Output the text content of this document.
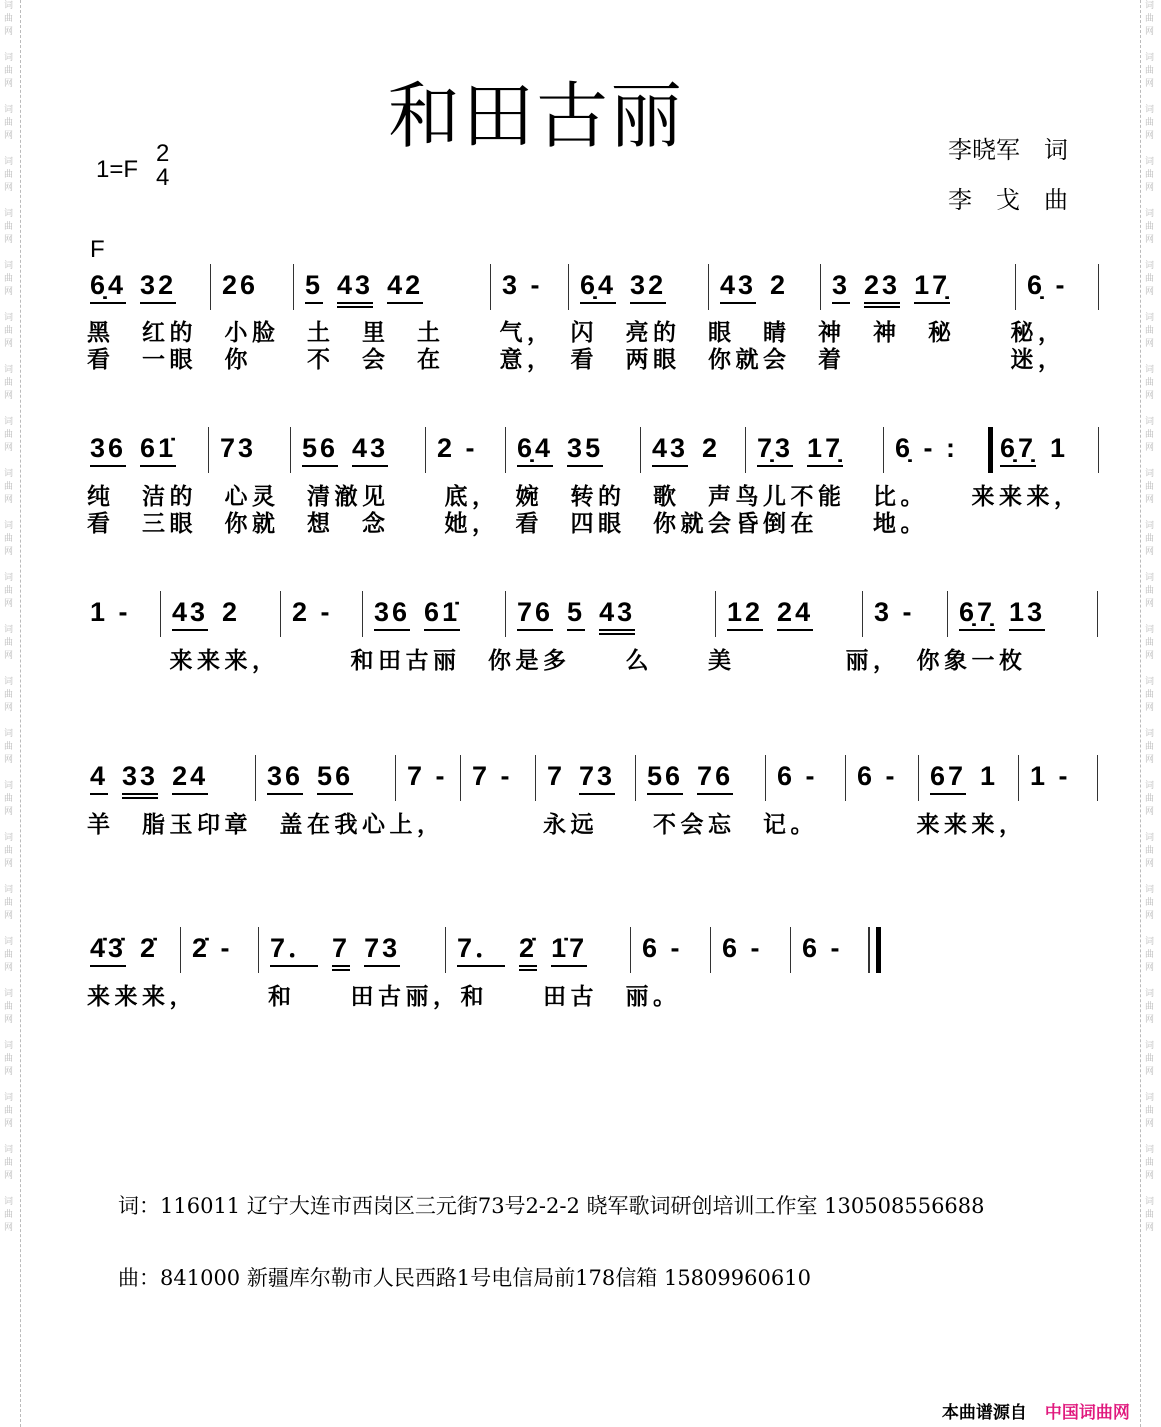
词
曲
网

词
曲
网

词
曲
网

词
曲
网

词
曲
网

词
曲
网

词
曲
网

词
曲
网

词
曲
网

词
曲
网

词
曲
网

词
曲
网

词
曲
网

词
曲
网

词
曲
网

词
曲
网

词
曲
网

词
曲
网

词
曲
网

词
曲
网

词
曲
网

词
曲
网

词
曲
网

词
曲
网

词
曲
网

词
曲
网

词
曲
网

词
曲
网

词
曲
网

词
曲
网

词
曲
网

词
曲
网

词
曲
网

词
曲
网

词
曲
网

词
曲
网

词
曲
网

词
曲
网

词
曲
网

词
曲
网

词
曲
网

词
曲
网

词
曲
网

词
曲
网

词
曲
网

词
曲
网

词
曲
网

词
曲
网

和田古丽
1=F
2
4
李晓军　词
李　戈　曲
F
6̣4 32 26 5 43 42	3 - 6̣4 32 43 2 3 23 17̣	6̣ -
黑　红的　小脸　土　里　土　　气，　闪　亮的　眼　睛　神　神　秘　　秘，
看　一眼　你　　不　会　在　　意，　看　两眼　你就会　着　　　　　　迷，
36 61̇ 73 56 43 2 - 6̣4 35 43 2 7̣3 17̣ 6̣ - : 6̣7̣ 1
纯　洁的　心灵　清澈见　　底，　婉　转的　歌　声鸟儿不能　比。　　来来来，
看　三眼　你就　想　念　　她，　看　四眼　你就会昏倒在　　地。
1 - 43 2 2 - 36 61̇ 76 5 43	12 24 3 - 6̣7̣ 13
　　　来来来，　　　和田古丽　你是多　　么　　美　　　　丽，　你象一枚
4 33 24 36 56 7 - 7 - 7 73 56 76 6 - 6 - 67 1 1 -
羊　脂玉印章　盖在我心上，　　　　永远　　不会忘　记。　　　　来来来，
4̇3̇ 2̇ 2̇ - 7． 7 73 7． 2̇ 1̇7 6 - 6 - 6 -
来来来，　　　和　　田古丽，和　　田古　丽。
词：116011 辽宁大连市西岗区三元街73号2-2-2 晓军歌词研创培训工作室 130508556688
曲：841000 新疆库尔勒市人民西路1号电信局前178信箱 15809960610

本曲谱源自 中国词曲网
